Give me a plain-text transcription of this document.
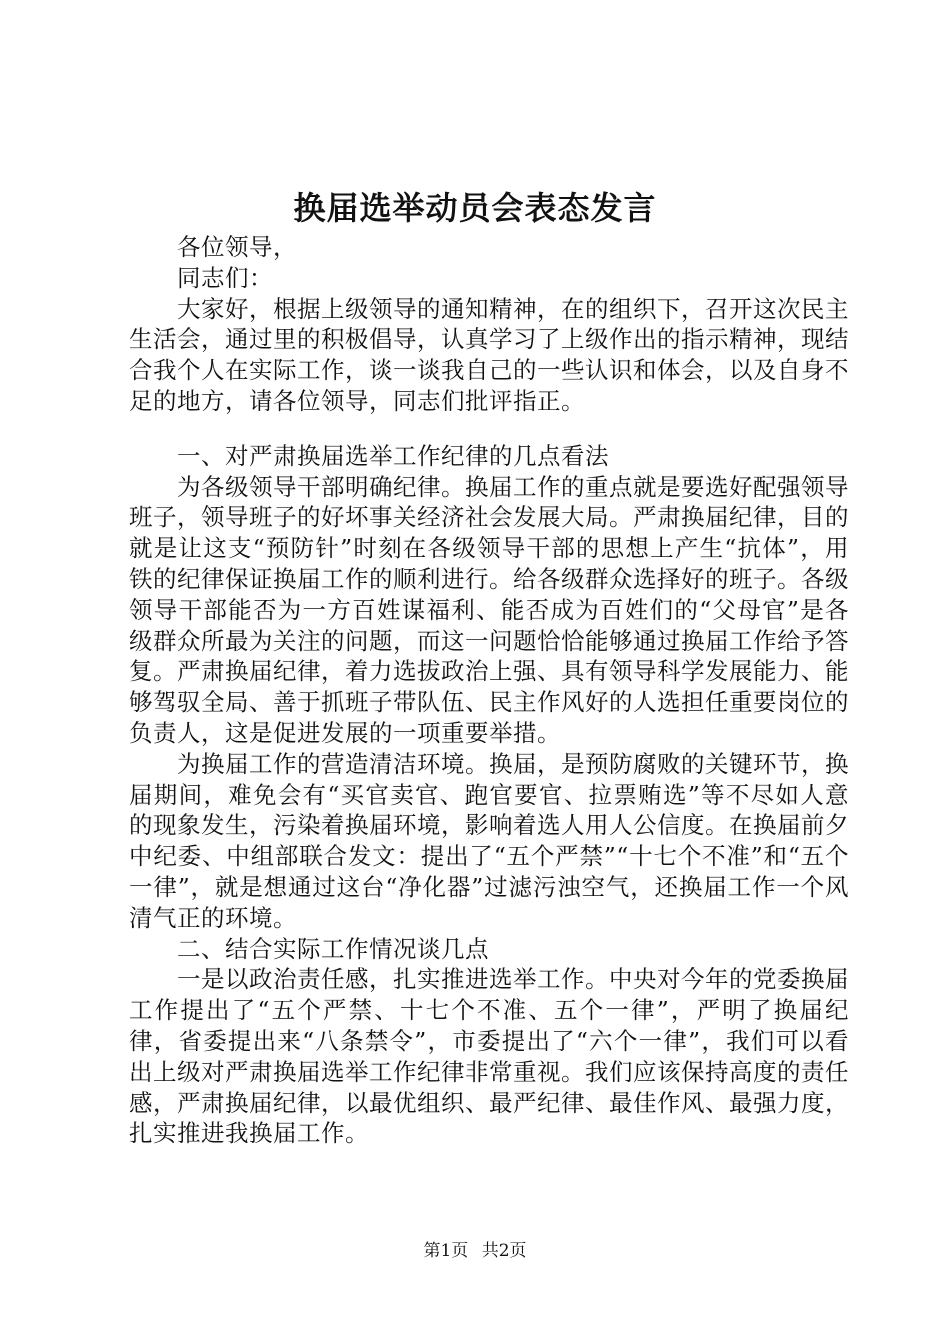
换届选举动员会表态发言

各位领导，

同志们：

大家好，根据上级领导的通知精神，在的组织下，召开这次民主生活会，通过里的积极倡导，认真学习了上级作出的指示精神，现结合我个人在实际工作，谈一谈我自己的一些认识和体会，以及自身不足的地方，请各位领导，同志们批评指正。

一、对严肃换届选举工作纪律的几点看法

为各级领导干部明确纪律。换届工作的重点就是要选好配强领导班子，领导班子的好坏事关经济社会发展大局。严肃换届纪律，目的就是让这支“预防针”时刻在各级领导干部的思想上产生“抗体”，用铁的纪律保证换届工作的顺利进行。给各级群众选择好的班子。各级领导干部能否为一方百姓谋福利、能否成为百姓们的“父母官”是各级群众所最为关注的问题，而这一问题恰恰能够通过换届工作给予答复。严肃换届纪律，着力选拔政治上强、具有领导科学发展能力、能够驾驭全局、善于抓班子带队伍、民主作风好的人选担任重要岗位的负责人，这是促进发展的一项重要举措。

为换届工作的营造清洁环境。换届，是预防腐败的关键环节，换届期间，难免会有“买官卖官、跑官要官、拉票贿选”等不尽如人意的现象发生，污染着换届环境，影响着选人用人公信度。在换届前夕中纪委、中组部联合发文：提出了“五个严禁”“十七个不准”和“五个一律”，就是想通过这台“净化器”过滤污浊空气，还换届工作一个风清气正的环境。

二、结合实际工作情况谈几点

一是以政治责任感，扎实推进选举工作。中央对今年的党委换届工作提出了“五个严禁、十七个不准、五个一律”，严明了换届纪律，省委提出来“八条禁令”，市委提出了“六个一律”，我们可以看出上级对严肃换届选举工作纪律非常重视。我们应该保持高度的责任感，严肃换届纪律，以最优组织、最严纪律、最佳作风、最强力度，扎实推进我换届工作。

第1页 共2页
